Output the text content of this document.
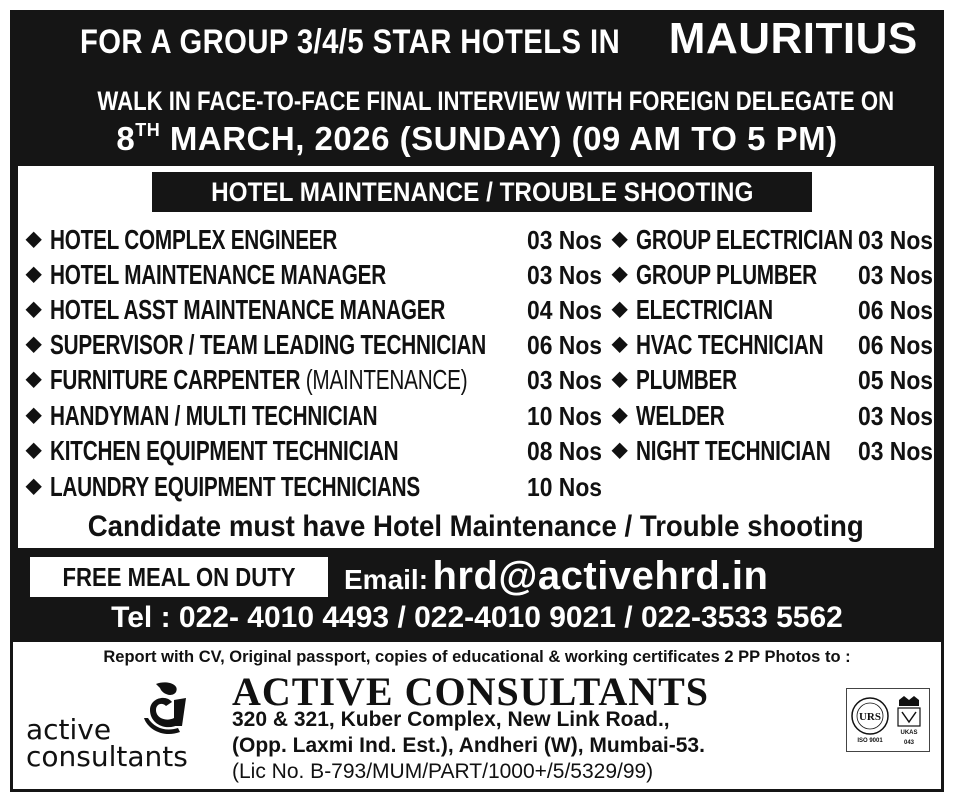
FOR A GROUP 3/4/5 STAR HOTELS IN MAURITIUS
WALK IN FACE-TO-FACE FINAL INTERVIEW WITH FOREIGN DELEGATE ON
8TH MARCH, 2026 (SUNDAY) (09 AM TO 5 PM)
HOTEL MAINTENANCE / TROUBLE SHOOTING
◆ HOTEL COMPLEX ENGINEER	03 Nos
◆ HOTEL MAINTENANCE MANAGER	03 Nos
◆ HOTEL ASST MAINTENANCE MANAGER	04 Nos
◆ SUPERVISOR / TEAM LEADING TECHNICIAN 06 Nos
◆ FURNITURE CARPENTER (MAINTENANCE) 03 Nos
◆ HANDYMAN / MULTI TECHNICIAN	10 Nos
◆ KITCHEN EQUIPMENT TECHNICIAN	08 Nos
◆ LAUNDRY EQUIPMENT TECHNICIANS	10 Nos
◆ GROUP ELECTRICIAN 03 Nos
◆ GROUP PLUMBER 03 Nos
◆ ELECTRICIAN	06 Nos
◆ HVAC TECHNICIAN 06 Nos
◆ PLUMBER	05 Nos
◆ WELDER	03 Nos
◆ NIGHT TECHNICIAN 03 Nos
Candidate must have Hotel Maintenance / Trouble shooting
FREE MEAL ON DUTY	Email: hrd@activehrd.in
Tel : 022- 4010 4493 / 022-4010 9021 / 022-3533 5562
Report with CV, Original passport, copies of educational & working certificates 2 PP Photos to :
active
consultants
ACTIVE CONSULTANTS
320 & 321, Kuber Complex, New Link Road.,
(Opp. Laxmi Ind. Est.), Andheri (W), Mumbai-53.
(Lic No. B-793/MUM/PART/1000+/5/5329/99)
URS
UKAS
ISO 9001	043
